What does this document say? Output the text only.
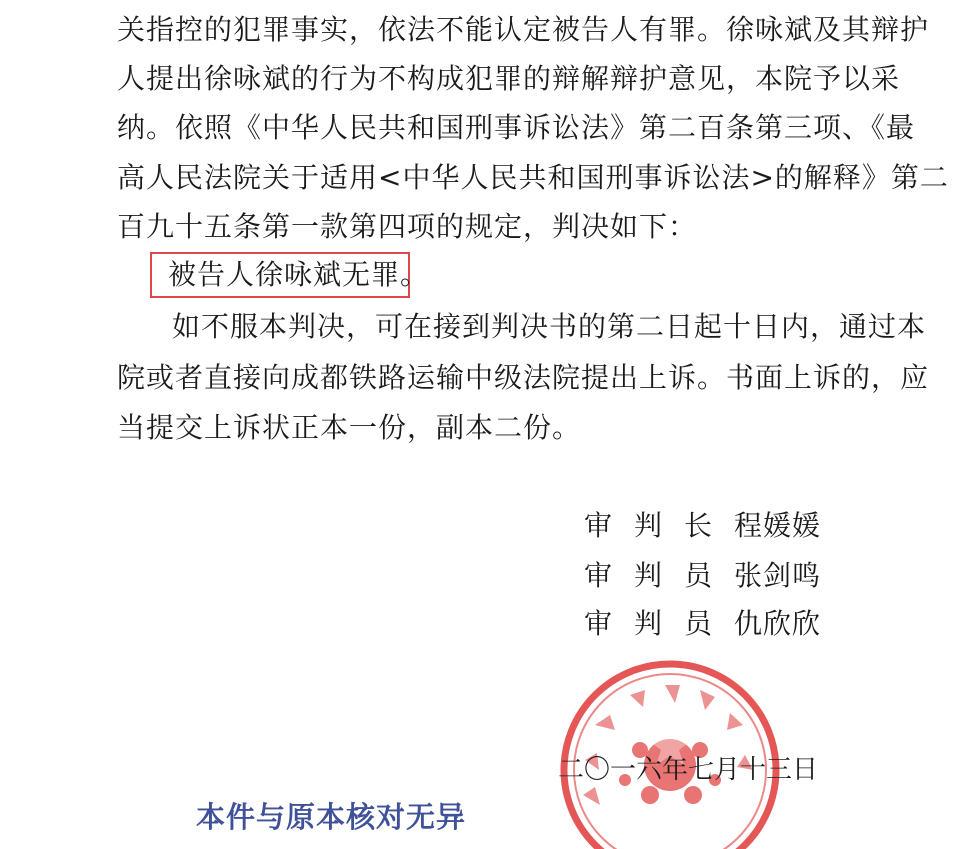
关指控的犯罪事实，依法不能认定被告人有罪。徐咏斌及其辩护
人提出徐咏斌的行为不构成犯罪的辩解辩护意见，本院予以采
纳。依照《中华人民共和国刑事诉讼法》第二百条第三项、《最
高人民法院关于适用<中华人民共和国刑事诉讼法>的解释》第二
百九十五条第一款第四项的规定，判决如下：
被告人徐咏斌无罪。
如不服本判决，可在接到判决书的第二日起十日内，通过本
院或者直接向成都铁路运输中级法院提出上诉。书面上诉的，应
当提交上诉状正本一份，副本二份。
审判长程媛媛
审判员张剑鸣
审判员仇欣欣
二〇一六年七月十三日
本件与原本核对无异
